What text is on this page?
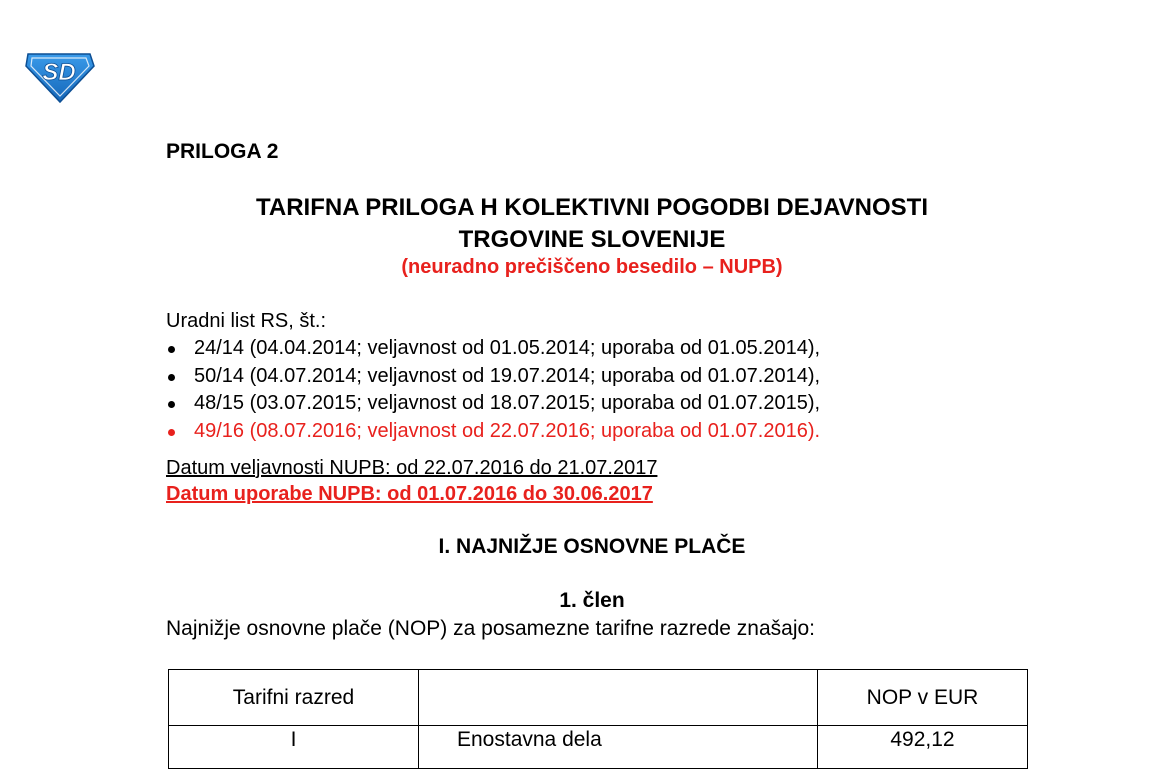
SD
PRILOGA 2
TARIFNA PRILOGA H KOLEKTIVNI POGODBI DEJAVNOSTI
TRGOVINE SLOVENIJE
(neuradno prečiščeno besedilo – NUPB)
Uradni list RS, št.:
24/14 (04.04.2014; veljavnost od 01.05.2014; uporaba od 01.05.2014),
50/14 (04.07.2014; veljavnost od 19.07.2014; uporaba od 01.07.2014),
48/15 (03.07.2015; veljavnost od 18.07.2015; uporaba od 01.07.2015),
49/16 (08.07.2016; veljavnost od 22.07.2016; uporaba od 01.07.2016).
Datum veljavnosti NUPB: od 22.07.2016 do 21.07.2017
Datum uporabe NUPB: od 01.07.2016 do 30.06.2017
I. NAJNIŽJE OSNOVNE PLAČE
1. člen
Najnižje osnovne plače (NOP) za posamezne tarifne razrede znašajo:
Tarifni razred		NOP v EUR
I	Enostavna dela	492,12
